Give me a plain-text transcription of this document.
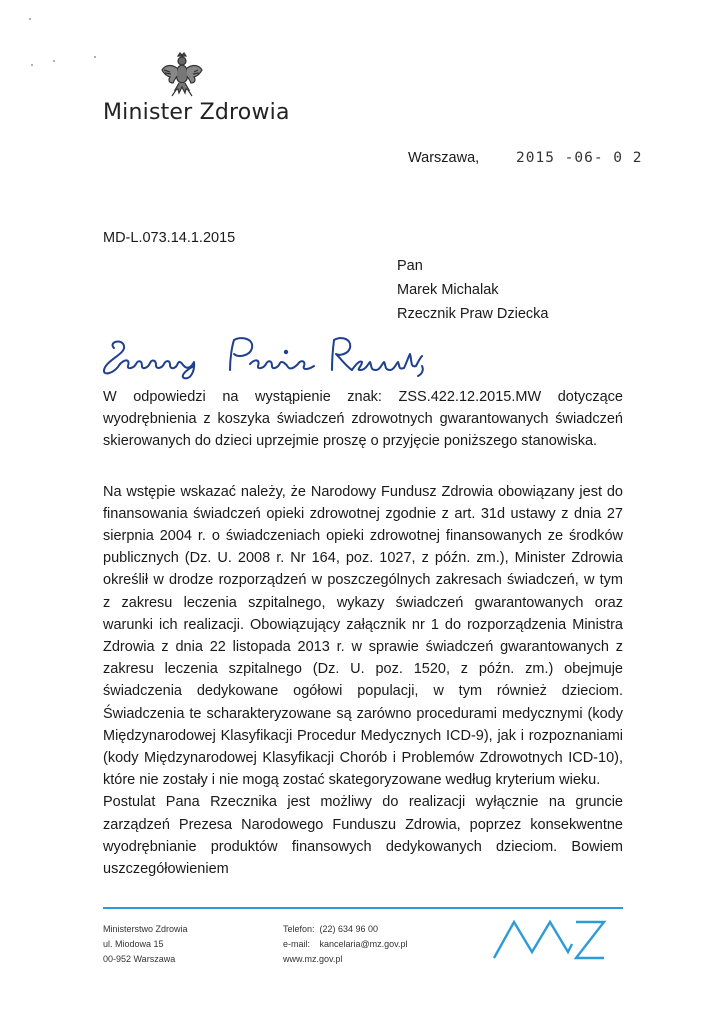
Minister Zdrowia
Warszawa,	2015 -06- 0 2
MD-L.073.14.1.2015
Pan
Marek Michalak
Rzecznik Praw Dziecka

W odpowiedzi na wystąpienie znak: ZSS.422.12.2015.MW dotyczące wyodrębnienia z koszyka świadczeń zdrowotnych gwarantowanych świadczeń skierowanych do dzieci uprzejmie proszę o przyjęcie poniższego stanowiska.

Na wstępie wskazać należy, że Narodowy Fundusz Zdrowia obowiązany jest do finansowania świadczeń opieki zdrowotnej zgodnie z art. 31d ustawy z dnia 27 sierpnia 2004 r. o świadczeniach opieki zdrowotnej finansowanych ze środków publicznych (Dz. U. 2008 r. Nr 164, poz. 1027, z późn. zm.), Minister Zdrowia określił w drodze rozporządzeń w poszczególnych zakresach świadczeń, w tym z zakresu leczenia szpitalnego, wykazy świadczeń gwarantowanych oraz warunki ich realizacji. Obowiązujący załącznik nr 1 do rozporządzenia Ministra Zdrowia z dnia 22 listopada 2013 r. w sprawie świadczeń gwarantowanych z zakresu leczenia szpitalnego (Dz. U. poz. 1520, z późn. zm.) obejmuje świadczenia dedykowane ogółowi populacji, w tym również dzieciom. Świadczenia te scharakteryzowane są zarówno procedurami medycznymi (kody Międzynarodowej Klasyfikacji Procedur Medycznych ICD-9), jak i rozpoznaniami (kody Międzynarodowej Klasyfikacji Chorób i Problemów Zdrowotnych ICD-10), które nie zostały i nie mogą zostać skategoryzowane według kryterium wieku.

Postulat Pana Rzecznika jest możliwy do realizacji wyłącznie na gruncie zarządzeń Prezesa Narodowego Funduszu Zdrowia, poprzez konsekwentne wyodrębnianie produktów finansowych dedykowanych dzieciom. Bowiem uszczegółowieniem

Ministerstwo Zdrowia
ul. Miodowa 15
00-952 Warszawa
Telefon: (22) 634 96 00
e-mail: kancelaria@mz.gov.pl
www.mz.gov.pl
